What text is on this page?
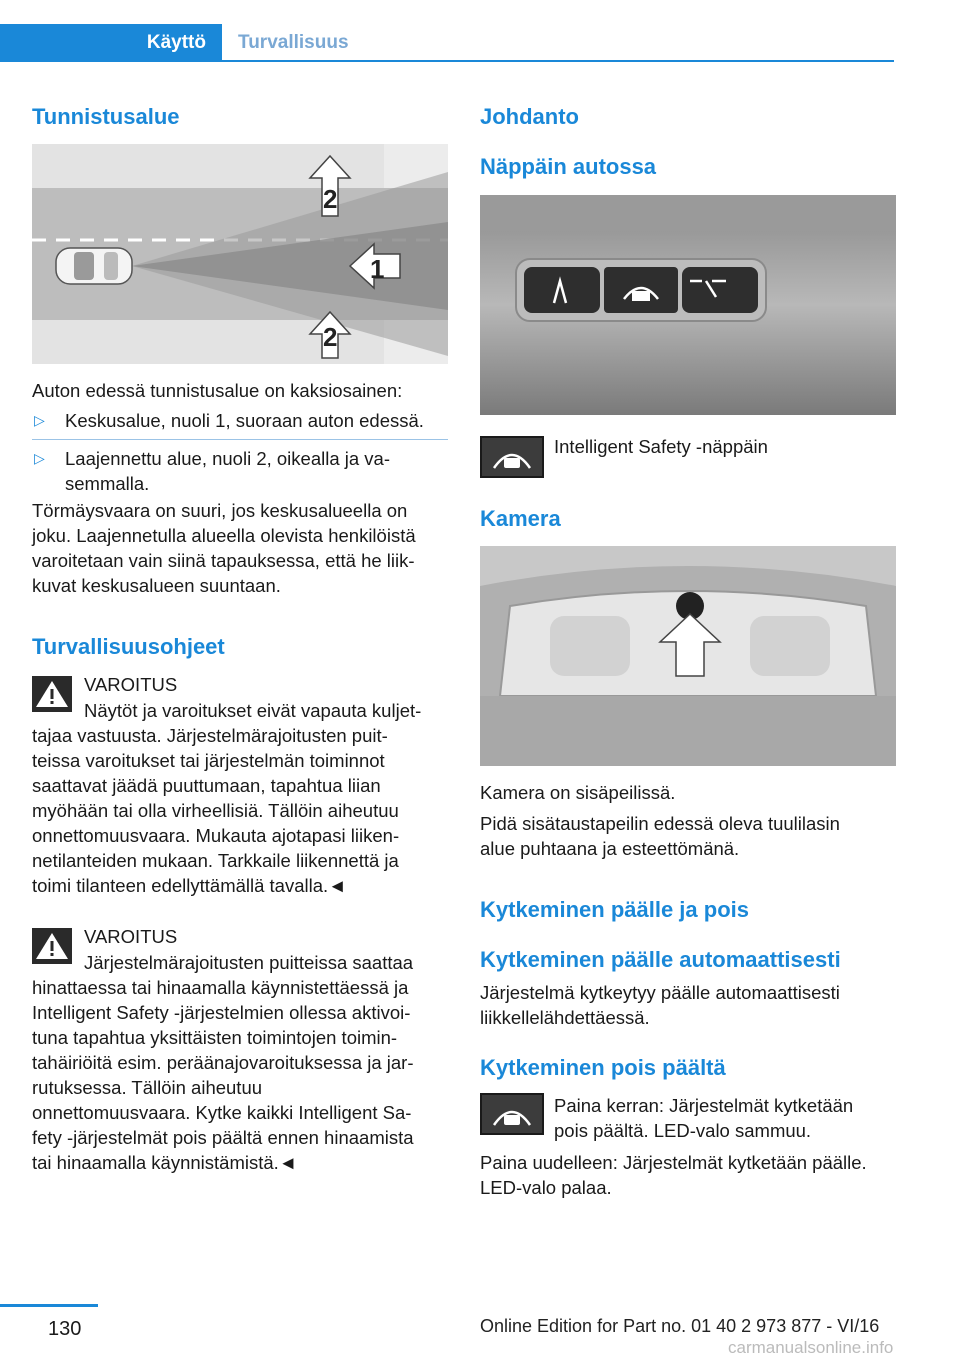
Käyttö Turvallisuus
Tunnistusalue
2
1
2
Auton edessä tunnistusalue on kaksiosainen:
▷ Keskusalue, nuoli 1, suoraan auton edessä.
▷ Laajennettu alue, nuoli 2, oikealla ja va-
semmalla.
Törmäysvaara on suuri, jos keskusalueella on
joku. Laajennetulla alueella olevista henkilöistä
varoitetaan vain siinä tapauksessa, että he liik-
kuvat keskusalueen suuntaan.
Turvallisuusohjeet
VAROITUS
Näytöt ja varoitukset eivät vapauta kuljet-
tajaa vastuusta. Järjestelmärajoitusten puit-
teissa varoitukset tai järjestelmän toiminnot
saattavat jäädä puuttumaan, tapahtua liian
myöhään tai olla virheellisiä. Tällöin aiheutuu
onnettomuusvaara. Mukauta ajotapasi liiken-
netilanteiden mukaan. Tarkkaile liikennettä ja
toimi tilanteen edellyttämällä tavalla.◄
VAROITUS
Järjestelmärajoitusten puitteissa saattaa
hinattaessa tai hinaamalla käynnistettäessä ja
Intelligent Safety -järjestelmien ollessa aktivoi-
tuna tapahtua yksittäisten toimintojen toimin-
tahäiriöitä esim. peräänajovaroituksessa ja jar-
rutuksessa. Tällöin aiheutuu
onnettomuusvaara. Kytke kaikki Intelligent Sa-
fety -järjestelmät pois päältä ennen hinaamista
tai hinaamalla käynnistämistä.◄
Johdanto
Näppäin autossa
Intelligent Safety -näppäin
Kamera
Kamera on sisäpeilissä.
Pidä sisätaustapeilin edessä oleva tuulilasin
alue puhtaana ja esteettömänä.
Kytkeminen päälle ja pois
Kytkeminen päälle automaattisesti
Järjestelmä kytkeytyy päälle automaattisesti
liikkellelähdettäessä.
Kytkeminen pois päältä
Paina kerran: Järjestelmät kytketään
pois päältä. LED-valo sammuu.
Paina uudelleen: Järjestelmät kytketään päälle.
LED-valo palaa.
130	Online Edition for Part no. 01 40 2 973 877 - VI/16
carmanualsonline.info
